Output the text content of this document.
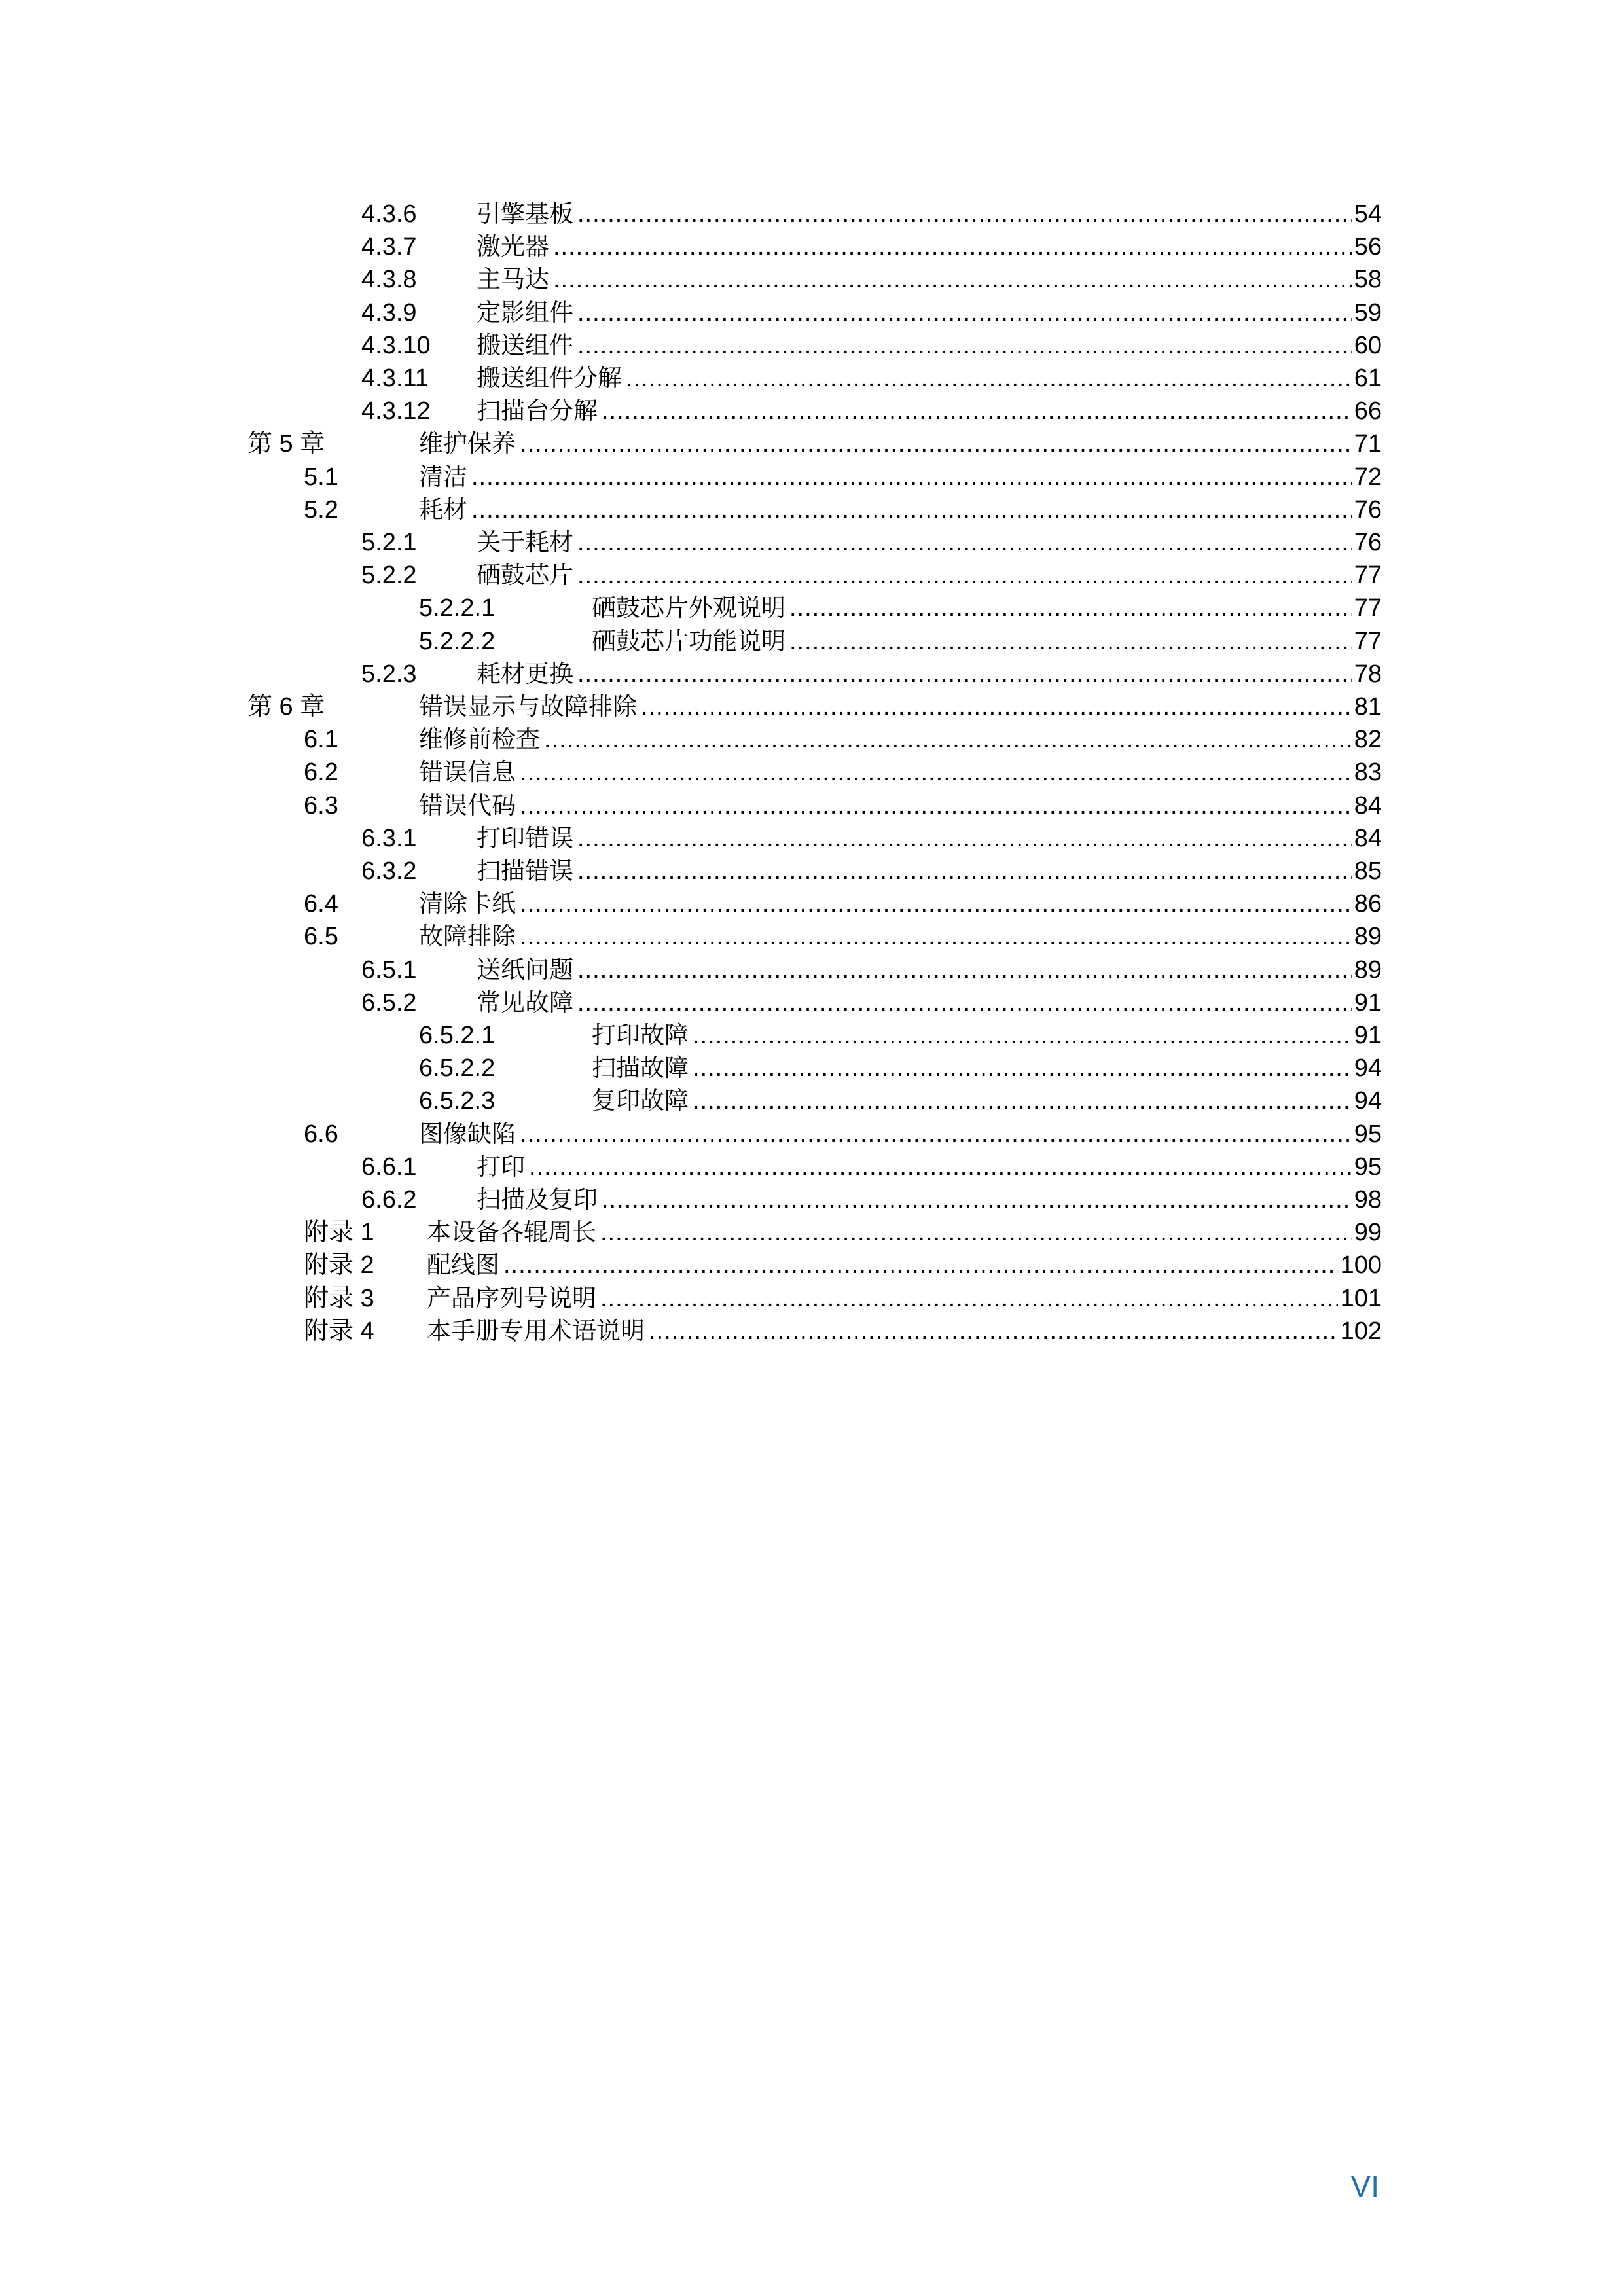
4.3.6 引擎基板 .....	54
4.3.7 激光器 .....	56
4.3.8 主马达 .....	58
4.3.9 定影组件 .....	59
4.3.10 搬送组件 .....	60
4.3.11 搬送组件分解 .....	61
4.3.12 扫描台分解 .....	66
第 5 章	维护保养 .....	71
5.1	清洁 .....	72
5.2	耗材 .....	76
5.2.1 关于耗材 .....	76
5.2.2 硒鼓芯片 .....	77
5.2.2.1	硒鼓芯片外观说明 .....	77
5.2.2.2	硒鼓芯片功能说明 .....	77
5.2.3 耗材更换 .....	78
第 6 章	错误显示与故障排除 .....	81
6.1	维修前检查 .....	82
6.2	错误信息 .....	83
6.3	错误代码 .....	84
6.3.1 打印错误 .....	84
6.3.2 扫描错误 .....	85
6.4	清除卡纸 .....	86
6.5	故障排除 .....	89
6.5.1 送纸问题 .....	89
6.5.2 常见故障 .....	91
6.5.2.1	打印故障 .....	91
6.5.2.2	扫描故障 .....	94
6.5.2.3	复印故障 .....	94
6.6	图像缺陷 .....	95
6.6.1 打印 .....	95
6.6.2 扫描及复印 .....	98
附录 1 本设备各辊周长 .....	99
附录 2 配线图 .....	100
附录 3 产品序列号说明 .....	101
附录 4 本手册专用术语说明 .....	102
VI
